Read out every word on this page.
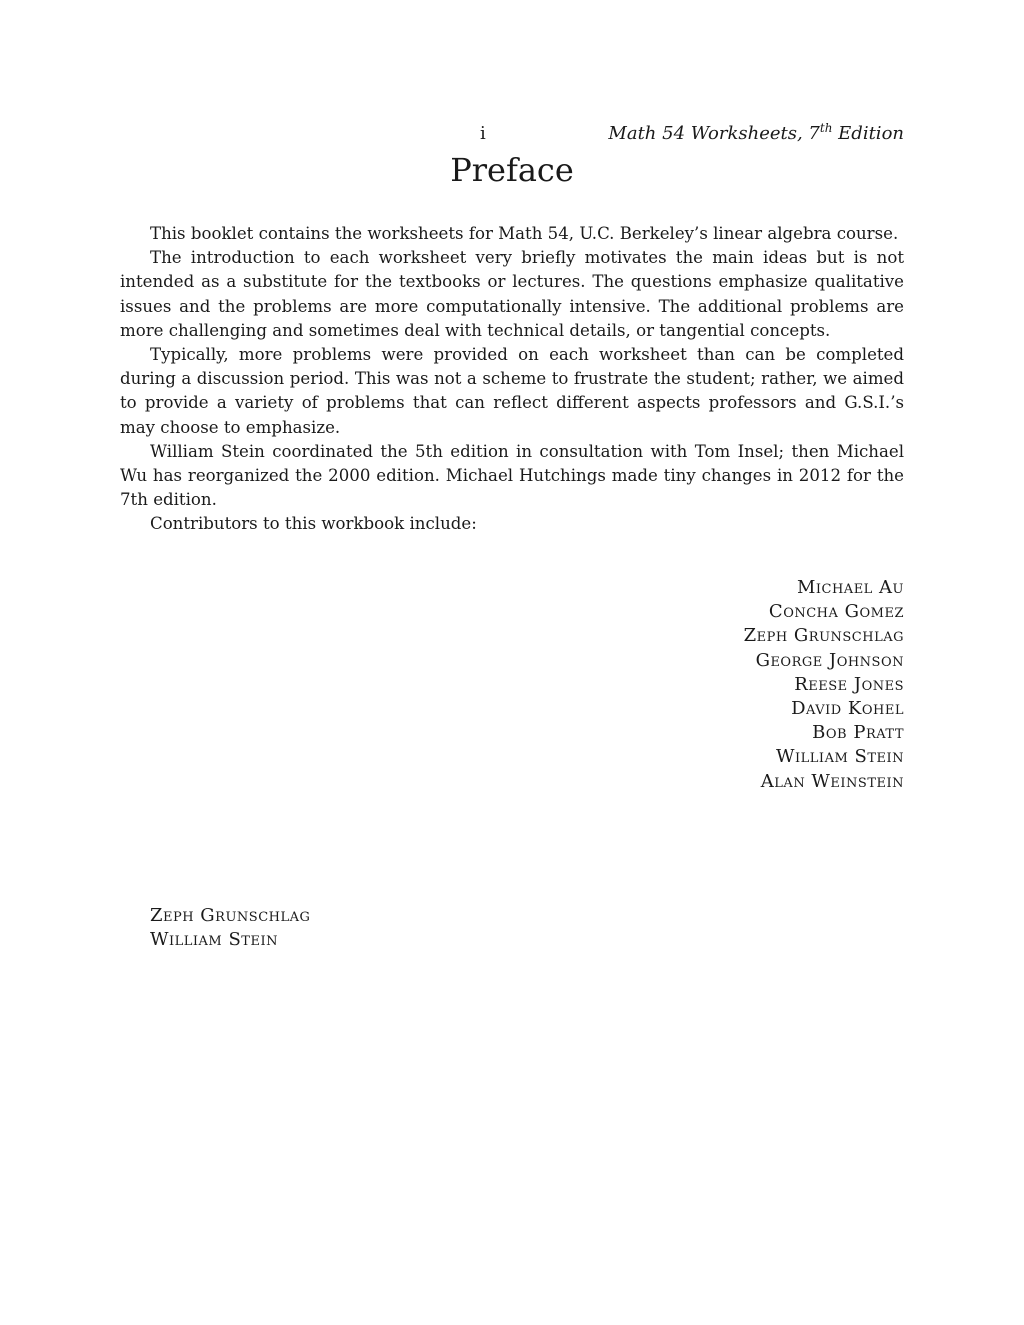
i	Math 54 Worksheets, 7th Edition
Preface

This booklet contains the worksheets for Math 54, U.C. Berkeley’s linear algebra course.

The introduction to each worksheet very briefly motivates the main ideas but is not intended as a substitute for the textbooks or lectures. The questions emphasize qualitative issues and the problems are more computationally intensive. The additional problems are more challenging and sometimes deal with technical details, or tangential concepts.

Typically, more problems were provided on each worksheet than can be completed during a discussion period. This was not a scheme to frustrate the student; rather, we aimed to provide a variety of problems that can reflect different aspects professors and G.S.I.’s may choose to emphasize.

William Stein coordinated the 5th edition in consultation with Tom Insel; then Michael Wu has reorganized the 2000 edition. Michael Hutchings made tiny changes in 2012 for the 7th edition.

Contributors to this workbook include:

Michael Au
Concha Gomez
Zeph Grunschlag
George Johnson
Reese Jones
David Kohel
Bob Pratt
William Stein
Alan Weinstein
Zeph Grunschlag
William Stein
